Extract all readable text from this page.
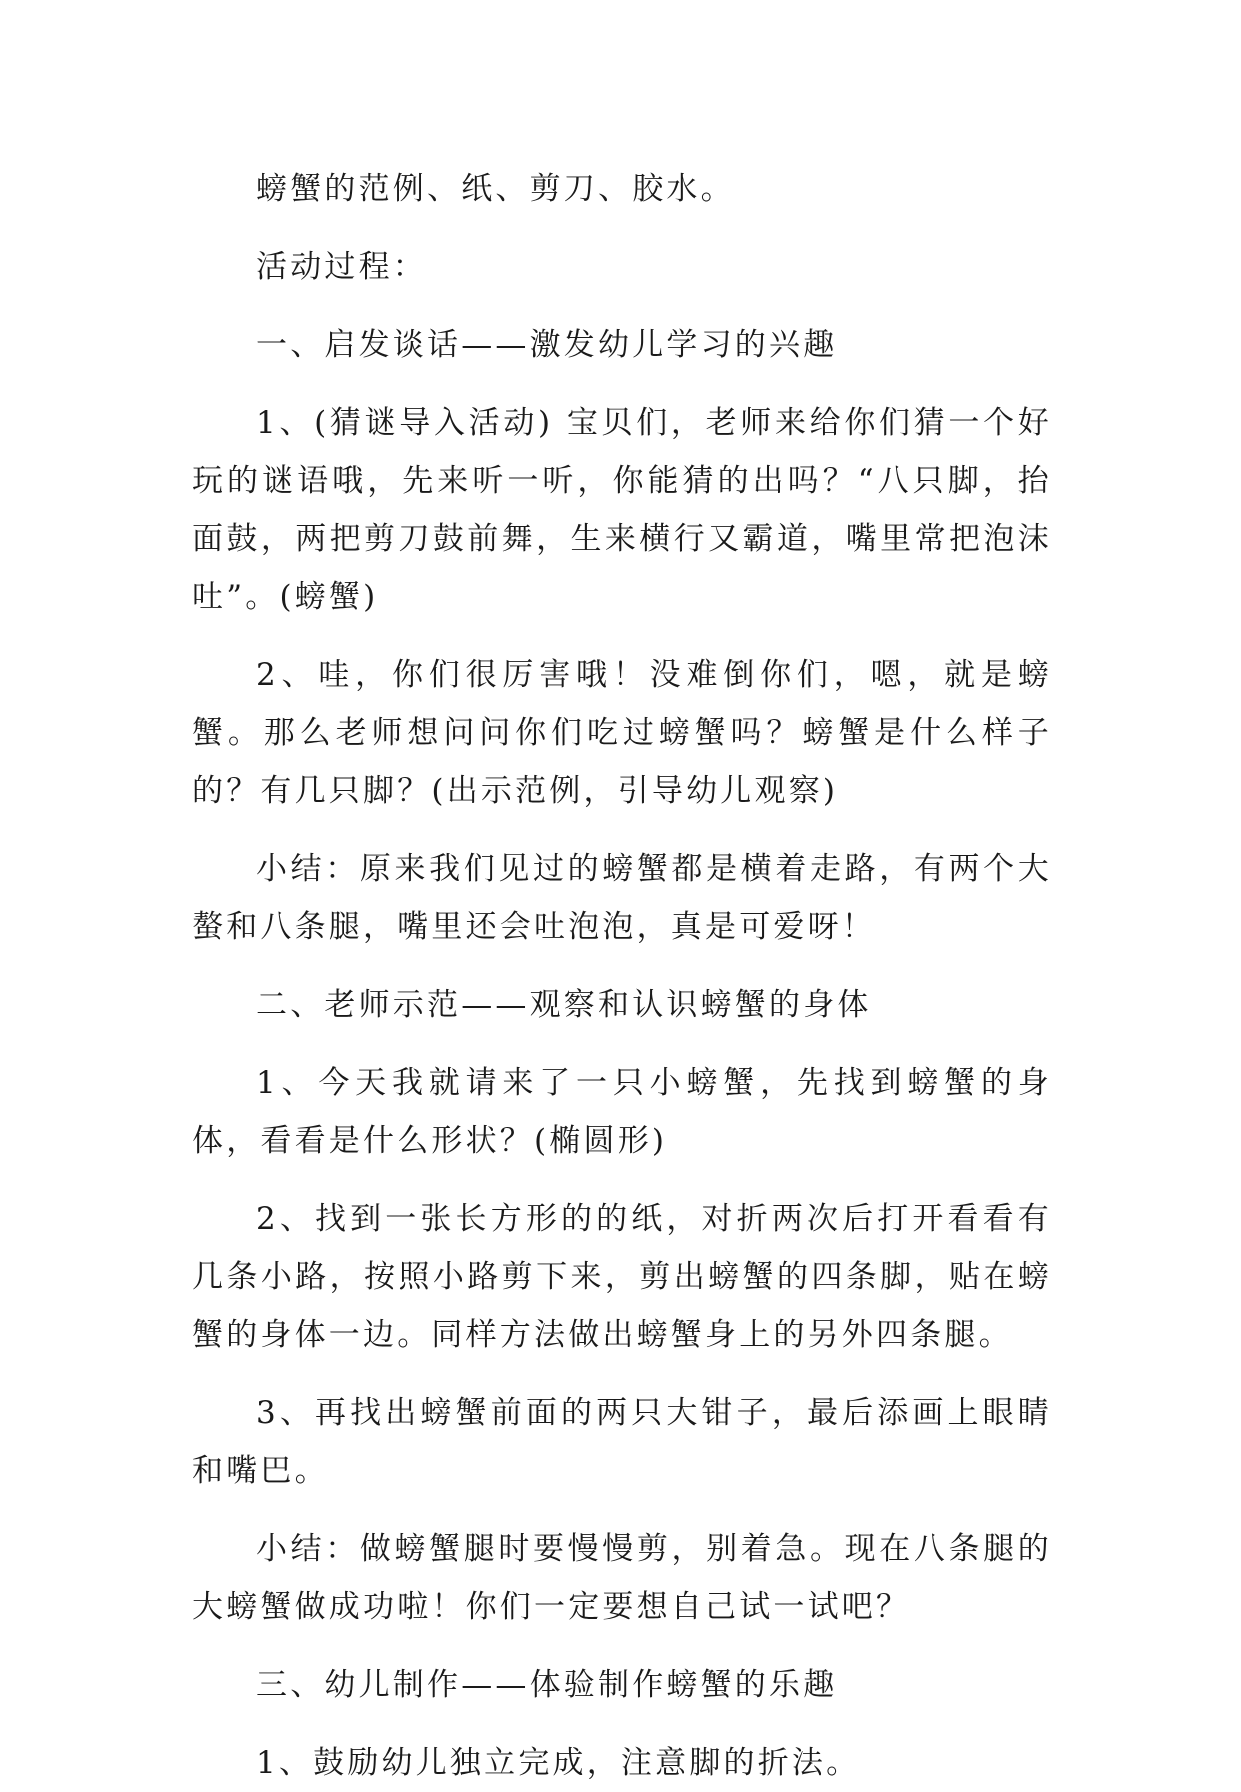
螃蟹的范例、纸、剪刀、胶水。

活动过程：

一、启发谈话——激发幼儿学习的兴趣

1、(猜谜导入活动) 宝贝们，老师来给你们猜一个好玩的谜语哦，先来听一听，你能猜的出吗？“八只脚，抬面鼓，两把剪刀鼓前舞，生来横行又霸道，嘴里常把泡沫吐”。(螃蟹)

2、哇，你们很厉害哦！没难倒你们，嗯，就是螃蟹。那么老师想问问你们吃过螃蟹吗？螃蟹是什么样子的？有几只脚？(出示范例，引导幼儿观察)

小结：原来我们见过的螃蟹都是横着走路，有两个大螯和八条腿，嘴里还会吐泡泡，真是可爱呀！

二、老师示范——观察和认识螃蟹的身体

1、今天我就请来了一只小螃蟹，先找到螃蟹的身体，看看是什么形状？(椭圆形)

2、找到一张长方形的的纸，对折两次后打开看看有几条小路，按照小路剪下来，剪出螃蟹的四条脚，贴在螃蟹的身体一边。同样方法做出螃蟹身上的另外四条腿。

3、再找出螃蟹前面的两只大钳子，最后添画上眼睛和嘴巴。

小结：做螃蟹腿时要慢慢剪，别着急。现在八条腿的大螃蟹做成功啦！你们一定要想自己试一试吧？

三、幼儿制作——体验制作螃蟹的乐趣

1、鼓励幼儿独立完成，注意脚的折法。
